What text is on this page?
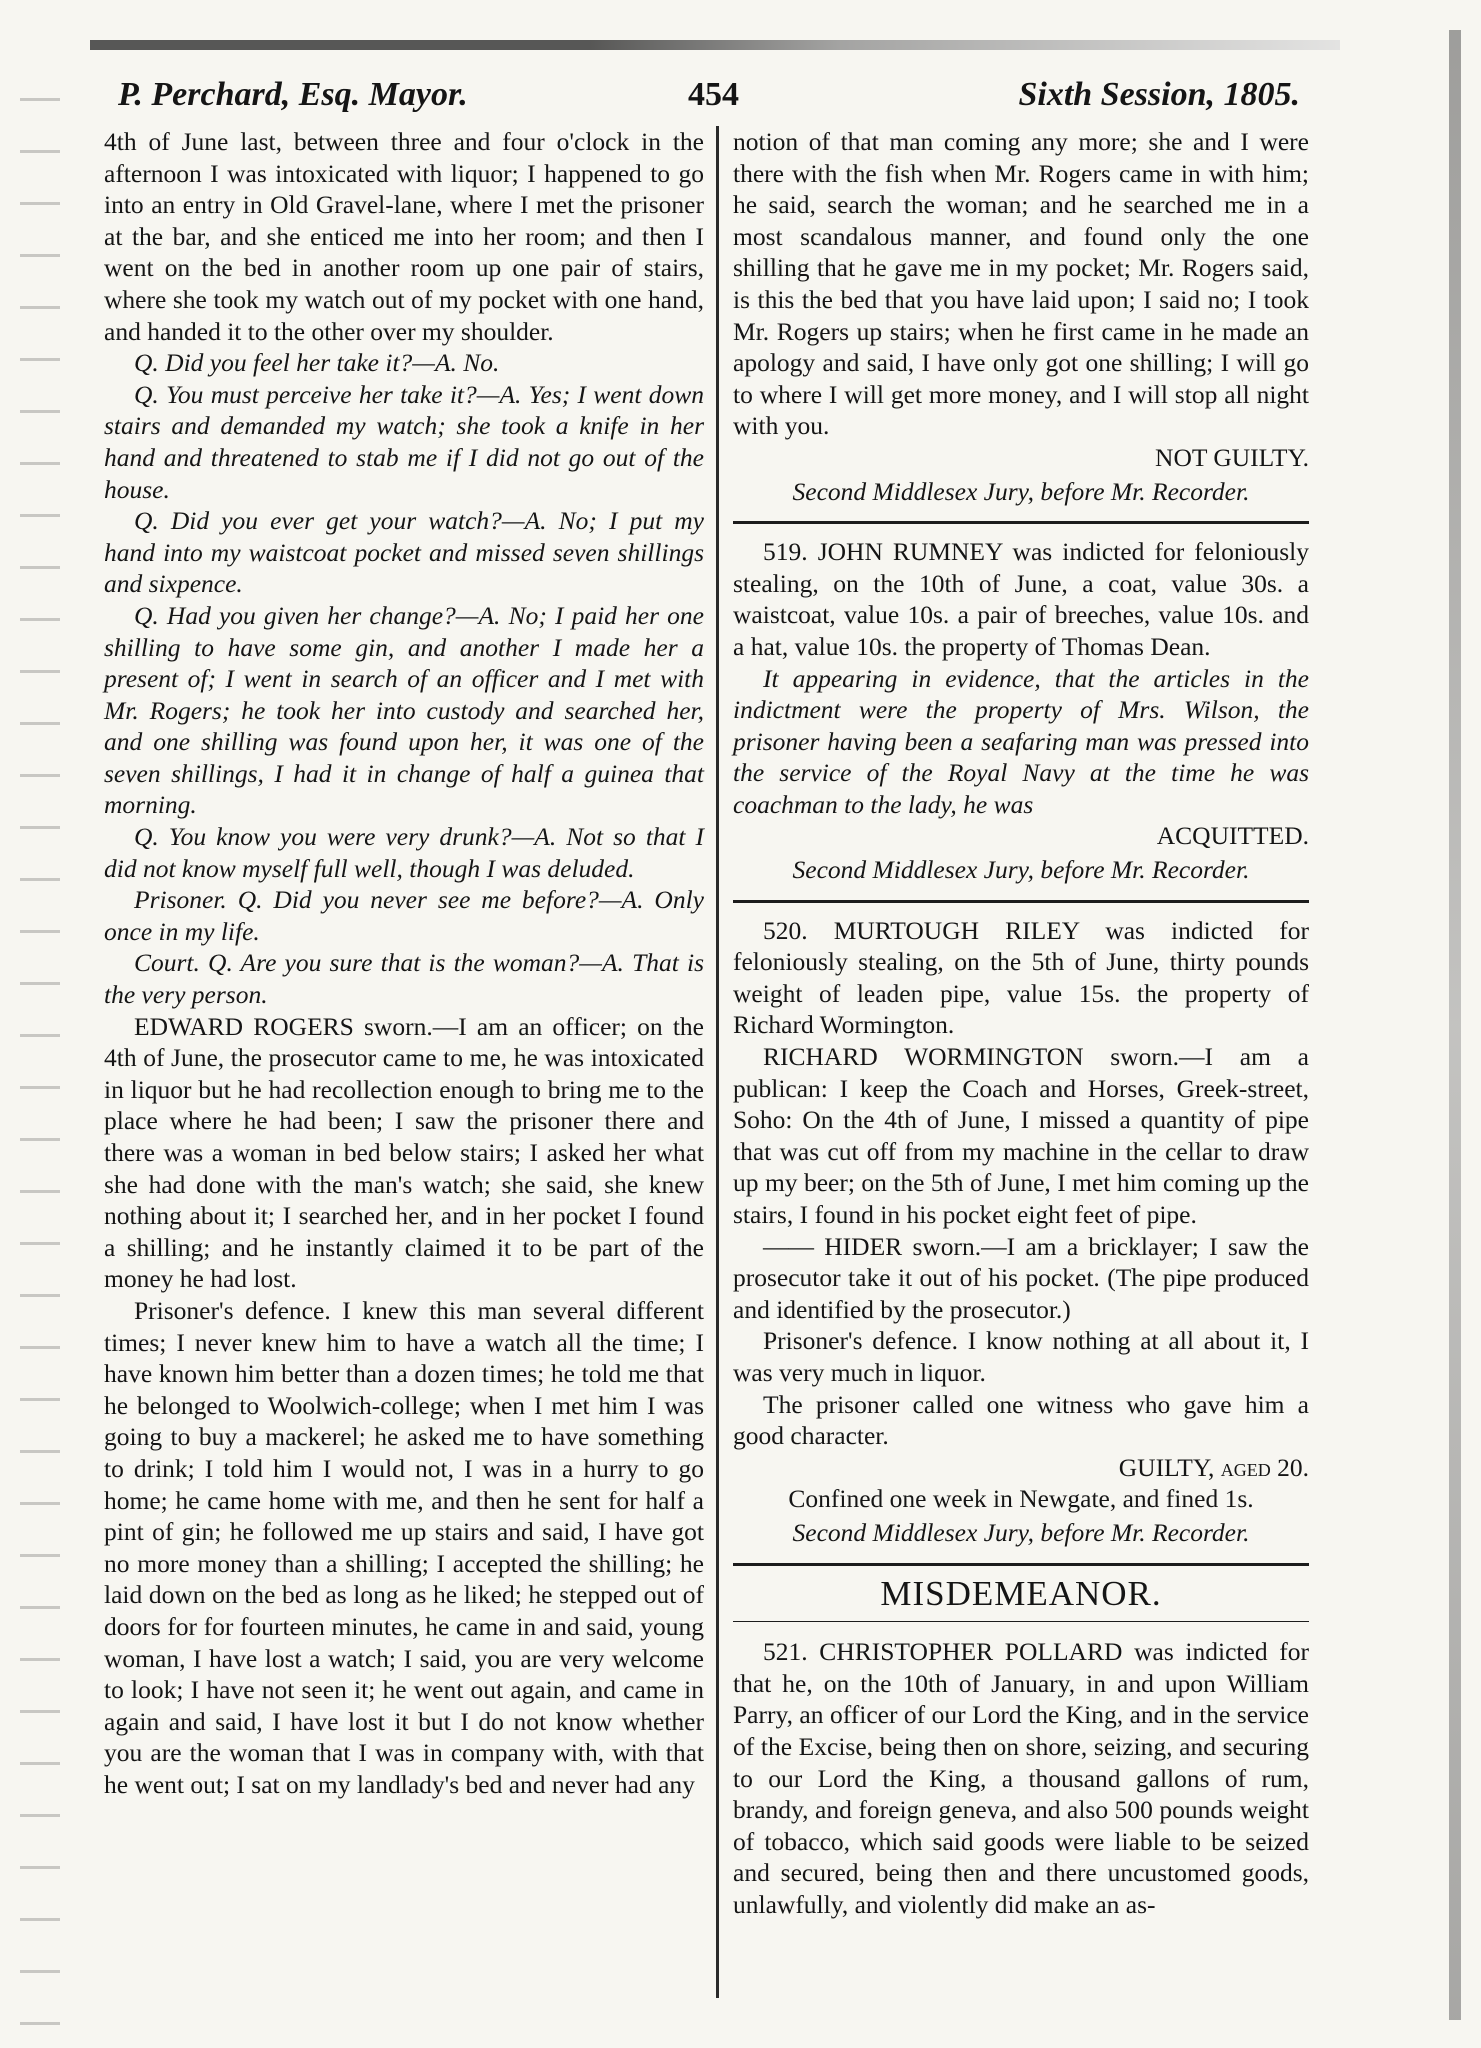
P. Perchard, Esq. Mayor.	454	Sixth Session, 1805.

4th of June last, between three and four o'clock in the afternoon I was intoxicated with liquor; I happened to go into an entry in Old Gravel-lane, where I met the prisoner at the bar, and she enticed me into her room; and then I went on the bed in another room up one pair of stairs, where she took my watch out of my pocket with one hand, and handed it to the other over my shoulder.

Q. Did you feel her take it?—A. No.

Q. You must perceive her take it?—A. Yes; I went down stairs and demanded my watch; she took a knife in her hand and threatened to stab me if I did not go out of the house.

Q. Did you ever get your watch?—A. No; I put my hand into my waistcoat pocket and missed seven shillings and sixpence.

Q. Had you given her change?—A. No; I paid her one shilling to have some gin, and another I made her a present of; I went in search of an officer and I met with Mr. Rogers; he took her into custody and searched her, and one shilling was found upon her, it was one of the seven shillings, I had it in change of half a guinea that morning.

Q. You know you were very drunk?—A. Not so that I did not know myself full well, though I was deluded.

Prisoner. Q. Did you never see me before?—A. Only once in my life.

Court. Q. Are you sure that is the woman?—A. That is the very person.

EDWARD ROGERS sworn.—I am an officer; on the 4th of June, the prosecutor came to me, he was intoxicated in liquor but he had recollection enough to bring me to the place where he had been; I saw the prisoner there and there was a woman in bed below stairs; I asked her what she had done with the man's watch; she said, she knew nothing about it; I searched her, and in her pocket I found a shilling; and he instantly claimed it to be part of the money he had lost.

Prisoner's defence. I knew this man several different times; I never knew him to have a watch all the time; I have known him better than a dozen times; he told me that he belonged to Woolwich-college; when I met him I was going to buy a mackerel; he asked me to have something to drink; I told him I would not, I was in a hurry to go home; he came home with me, and then he sent for half a pint of gin; he followed me up stairs and said, I have got no more money than a shilling; I accepted the shilling; he laid down on the bed as long as he liked; he stepped out of doors for for fourteen minutes, he came in and said, young woman, I have lost a watch; I said, you are very welcome to look; I have not seen it; he went out again, and came in again and said, I have lost it but I do not know whether you are the woman that I was in company with, with that he went out; I sat on my landlady's bed and never had any

notion of that man coming any more; she and I were there with the fish when Mr. Rogers came in with him; he said, search the woman; and he searched me in a most scandalous manner, and found only the one shilling that he gave me in my pocket; Mr. Rogers said, is this the bed that you have laid upon; I said no; I took Mr. Rogers up stairs; when he first came in he made an apology and said, I have only got one shilling; I will go to where I will get more money, and I will stop all night with you.

NOT GUILTY.

Second Middlesex Jury, before Mr. Recorder.

519. JOHN RUMNEY was indicted for feloniously stealing, on the 10th of June, a coat, value 30s. a waistcoat, value 10s. a pair of breeches, value 10s. and a hat, value 10s. the property of Thomas Dean.

It appearing in evidence, that the articles in the indictment were the property of Mrs. Wilson, the prisoner having been a seafaring man was pressed into the service of the Royal Navy at the time he was coachman to the lady, he was

ACQUITTED.

Second Middlesex Jury, before Mr. Recorder.

520. MURTOUGH RILEY was indicted for feloniously stealing, on the 5th of June, thirty pounds weight of leaden pipe, value 15s. the property of Richard Wormington.

RICHARD WORMINGTON sworn.—I am a publican: I keep the Coach and Horses, Greek-street, Soho: On the 4th of June, I missed a quantity of pipe that was cut off from my machine in the cellar to draw up my beer; on the 5th of June, I met him coming up the stairs, I found in his pocket eight feet of pipe.

—— HIDER sworn.—I am a bricklayer; I saw the prosecutor take it out of his pocket. (The pipe produced and identified by the prosecutor.)

Prisoner's defence. I know nothing at all about it, I was very much in liquor.

The prisoner called one witness who gave him a good character.

GUILTY, aged 20.

Confined one week in Newgate, and fined 1s.

Second Middlesex Jury, before Mr. Recorder.

MISDEMEANOR.

521. CHRISTOPHER POLLARD was indicted for that he, on the 10th of January, in and upon William Parry, an officer of our Lord the King, and in the service of the Excise, being then on shore, seizing, and securing to our Lord the King, a thousand gallons of rum, brandy, and foreign geneva, and also 500 pounds weight of tobacco, which said goods were liable to be seized and secured, being then and there uncustomed goods, unlawfully, and violently did make an as-
